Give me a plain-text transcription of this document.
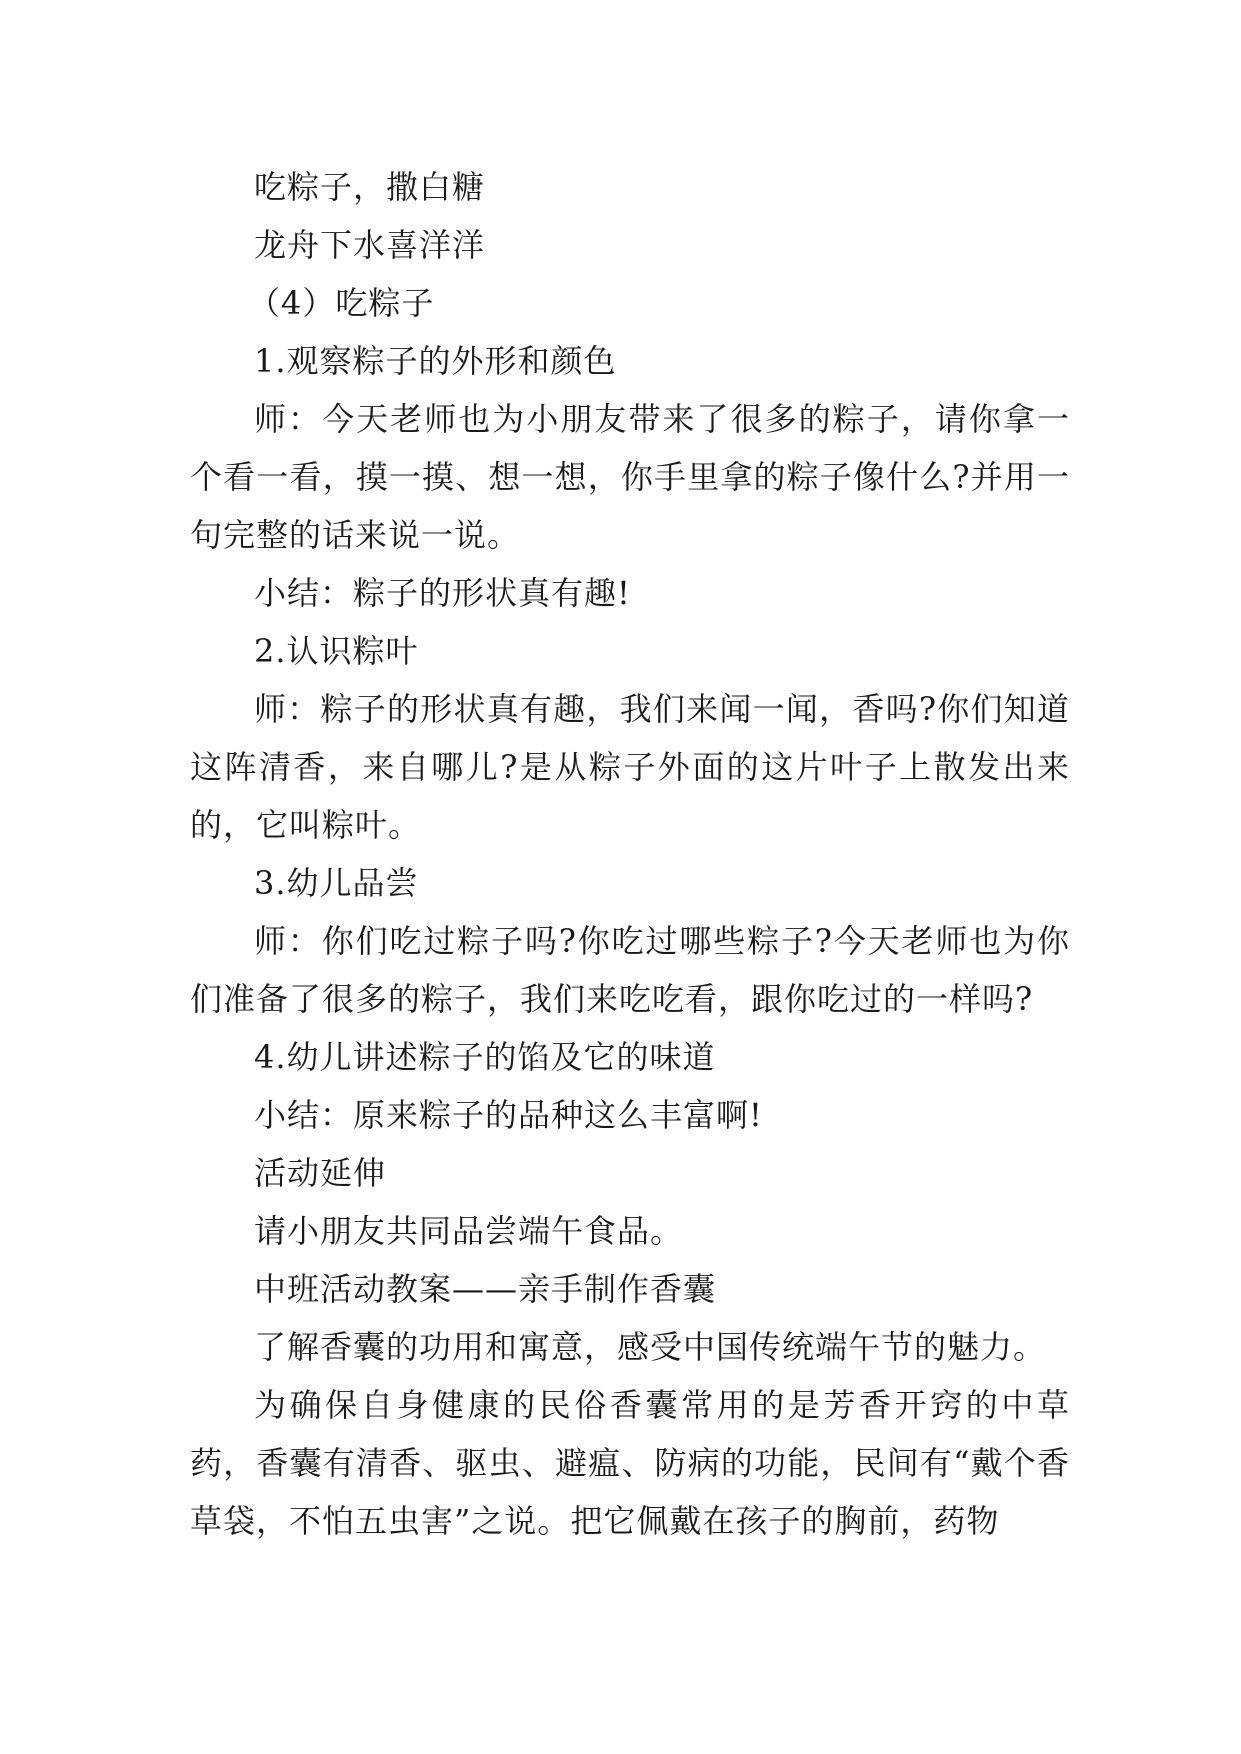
吃粽子，撒白糖

龙舟下水喜洋洋

（4）吃粽子

1.观察粽子的外形和颜色

师：今天老师也为小朋友带来了很多的粽子，请你拿一个看一看，摸一摸、想一想，你手里拿的粽子像什么?并用一句完整的话来说一说。

小结：粽子的形状真有趣!

2.认识粽叶

师：粽子的形状真有趣，我们来闻一闻，香吗?你们知道这阵清香，来自哪儿?是从粽子外面的这片叶子上散发出来的，它叫粽叶。

3.幼儿品尝

师：你们吃过粽子吗?你吃过哪些粽子?今天老师也为你们准备了很多的粽子，我们来吃吃看，跟你吃过的一样吗?

4.幼儿讲述粽子的馅及它的味道

小结：原来粽子的品种这么丰富啊!

活动延伸

请小朋友共同品尝端午食品。

中班活动教案——亲手制作香囊

了解香囊的功用和寓意，感受中国传统端午节的魅力。

为确保自身健康的民俗香囊常用的是芳香开窍的中草药，香囊有清香、驱虫、避瘟、防病的功能，民间有“戴个香草袋，不怕五虫害”之说。把它佩戴在孩子的胸前，药物
